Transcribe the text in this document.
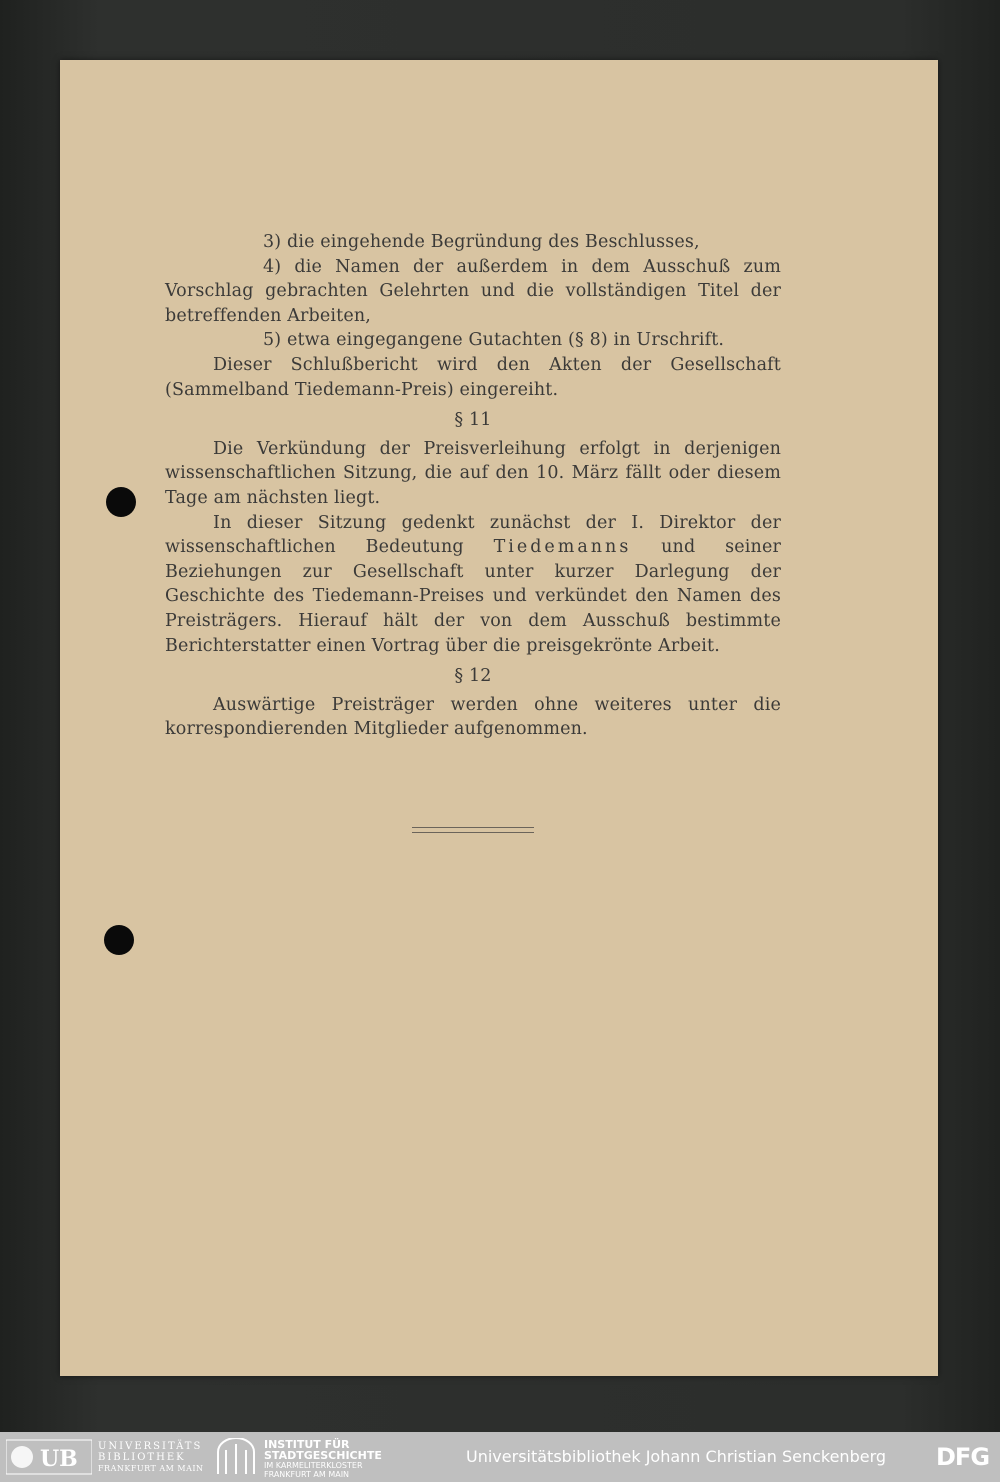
3) die eingehende Begründung des Beschlusses,

4) die Namen der außerdem in dem Ausschuß zum Vorschlag gebrachten Gelehrten und die vollständigen Titel der betreffenden Arbeiten,

5) etwa eingegangene Gutachten (§ 8) in Urschrift.

Dieser Schlußbericht wird den Akten der Gesellschaft (Sammelband Tiedemann-Preis) eingereiht.

§ 11

Die Verkündung der Preisverleihung erfolgt in derjenigen wissenschaftlichen Sitzung, die auf den 10. März fällt oder diesem Tage am nächsten liegt.

In dieser Sitzung gedenkt zunächst der I. Direktor der wissenschaftlichen Bedeutung Tiedemanns und seiner Beziehungen zur Gesellschaft unter kurzer Darlegung der Geschichte des Tiedemann-Preises und verkündet den Namen des Preisträgers. Hierauf hält der von dem Ausschuß bestimmte Berichterstatter einen Vortrag über die preisgekrönte Arbeit.

§ 12

Auswärtige Preisträger werden ohne weiteres unter die korrespondierenden Mitglieder aufgenommen.

UB UNIVERSITÄTS
BIBLIOTHEK
FRANKFURT AM MAIN
INSTITUT FÜR
STADTGESCHICHTE
IM KARMELITERKLOSTER
FRANKFURT AM MAIN
Universitätsbibliothek Johann Christian Senckenberg DFG
